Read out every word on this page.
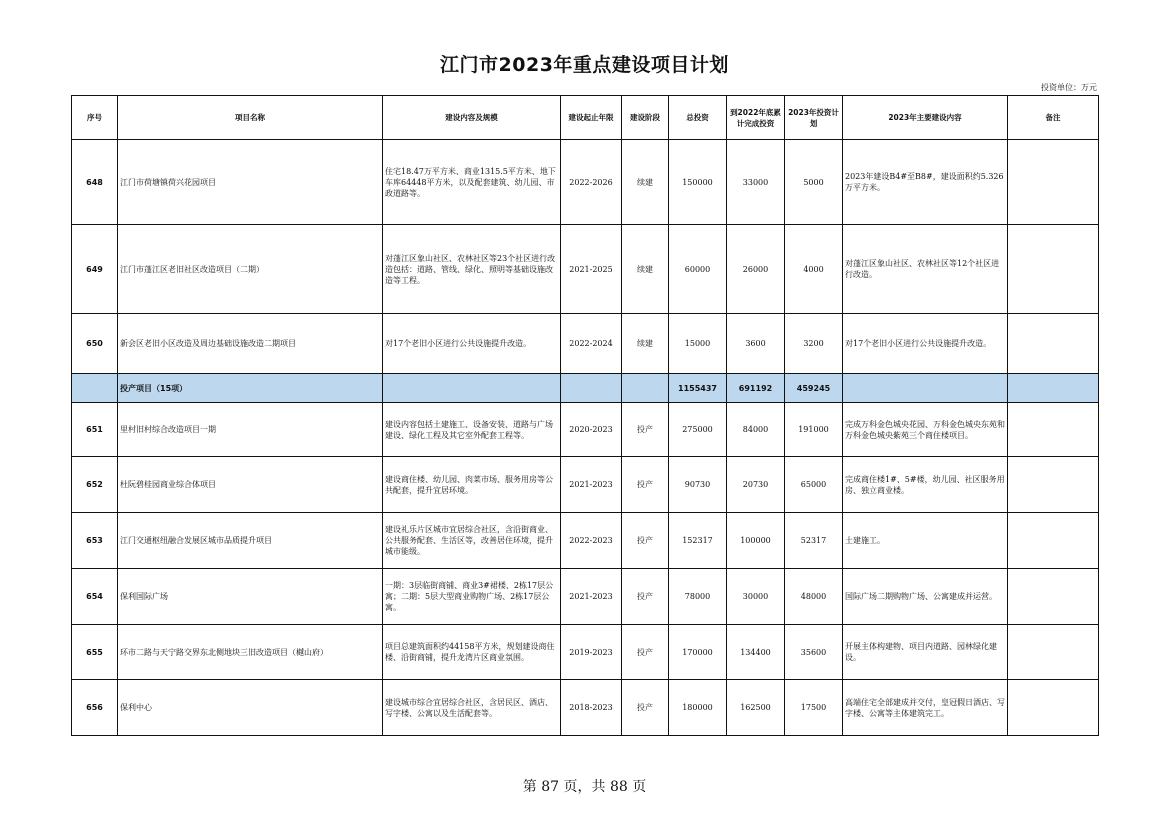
江门市2023年重点建设项目计划
投资单位：万元
序号	项目名称	建设内容及规模	建设起止年限	建设阶段	总投资	到2022年底累计完成投资	2023年投资计划	2023年主要建设内容	备注
648	江门市荷塘镇荷兴花园项目	住宅18.47万平方米、商业1315.5平方米、地下车库64448平方米，以及配套建筑、幼儿园、市政道路等。	2022-2026	续建	150000	33000	5000	2023年建设B4#至B8#，建设面积约5.326万平方米。	
649	江门市蓬江区老旧社区改造项目（二期）	对蓬江区象山社区、农林社区等23个社区进行改造包括：道路、管线、绿化、照明等基础设施改造等工程。	2021-2025	续建	60000	26000	4000	对蓬江区象山社区、农林社区等12个社区进行改造。	
650	新会区老旧小区改造及周边基础设施改造二期项目	对17个老旧小区进行公共设施提升改造。	2022-2024	续建	15000	3600	3200	对17个老旧小区进行公共设施提升改造。	
	投产项目（15项）				1155437	691192	459245		
651	里村旧村综合改造项目一期	建设内容包括土建施工、设备安装、道路与广场建设、绿化工程及其它室外配套工程等。	2020-2023	投产	275000	84000	191000	完成万科金色城央花园、万科金色城央东苑和万科金色城央紫苑三个商住楼项目。	
652	杜阮碧桂园商业综合体项目	建设商住楼、幼儿园、肉菜市场、服务用房等公共配套，提升宜居环境。	2021-2023	投产	90730	20730	65000	完成商住楼1#、5#楼，幼儿园、社区服务用房、独立商业楼。	
653	江门交通枢纽融合发展区城市品质提升项目	建设礼乐片区城市宜居综合社区，含沿街商业、公共服务配套、生活区等，改善居住环境，提升城市能级。	2022-2023	投产	152317	100000	52317	土建施工。	
654	保利国际广场	一期：3层临街商铺、商业3#裙楼、2栋17层公寓；二期：5层大型商业购物广场、2栋17层公寓。	2021-2023	投产	78000	30000	48000	国际广场二期购物广场、公寓建成并运营。	
655	环市二路与天宁路交界东北侧地块三旧改造项目（樾山府）	项目总建筑面积约44158平方米，规划建设商住楼、沿街商铺，提升龙湾片区商业氛围。	2019-2023	投产	170000	134400	35600	开展主体构建物、项目内道路、园林绿化建设。	
656	保利中心	建设城市综合宜居综合社区，含居民区、酒店、写字楼、公寓以及生活配套等。	2018-2023	投产	180000	162500	17500	高端住宅全部建成并交付，皇冠假日酒店、写字楼、公寓等主体建筑完工。	
第 87 页，共 88 页
